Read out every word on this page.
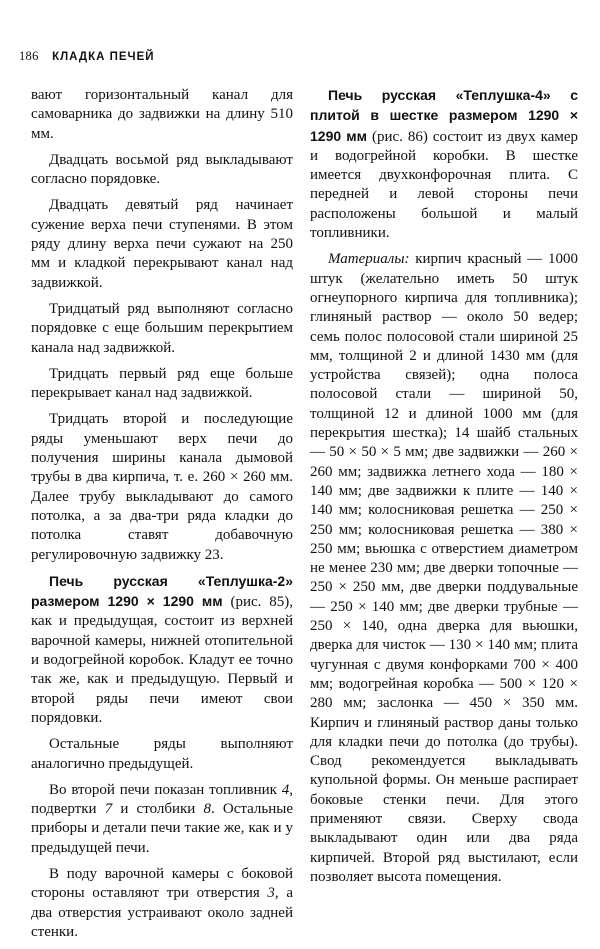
186 КЛАДКА ПЕЧЕЙ

вают горизонтальный канал для самоварника до задвижки на длину 510 мм.

Двадцать восьмой ряд выкладывают согласно порядовке.

Двадцать девятый ряд начинает сужение верха печи ступенями. В этом ряду длину верха печи сужают на 250 мм и кладкой перекрывают канал над задвижкой.

Тридцатый ряд выполняют согласно порядовке с еще большим перекрытием канала над задвижкой.

Тридцать первый ряд еще больше перекрывает канал над задвижкой.

Тридцать второй и последующие ряды уменьшают верх печи до получения ширины канала дымовой трубы в два кирпича, т. е. 260 × 260 мм. Далее трубу выкладывают до самого потолка, а за два-три ряда кладки до потолка ставят добавочную регулировочную задвижку 23.

Печь русская «Теплушка-2» размером 1290 × 1290 мм (рис. 85), как и предыдущая, состоит из верхней варочной камеры, нижней отопительной и водогрейной коробок. Кладут ее точно так же, как и предыдущую. Первый и второй ряды печи имеют свои порядовки.

Остальные ряды выполняют аналогично предыдущей.

Во второй печи показан топливник 4, подвертки 7 и столбики 8. Остальные приборы и детали печи такие же, как и у предыдущей печи.

В поду варочной камеры с боковой стороны оставляют три отверстия 3, а два отверстия устраивают около задней стенки.

Печь русская «Теплушка-4» с плитой в шестке размером 1290 × 1290 мм (рис. 86) состоит из двух камер и водогрейной коробки. В шестке имеется двухконфорочная плита. С передней и левой стороны печи расположены большой и малый топливники.

Материалы: кирпич красный — 1000 штук (желательно иметь 50 штук огнеупорного кирпича для топливника); глиняный раствор — около 50 ведер; семь полос полосовой стали шириной 25 мм, толщиной 2 и длиной 1430 мм (для устройства связей); одна полоса полосовой стали — шириной 50, толщиной 12 и длиной 1000 мм (для перекрытия шестка); 14 шайб стальных — 50 × 50 × 5 мм; две задвижки — 260 × 260 мм; задвижка летнего хода — 180 × 140 мм; две задвижки к плите — 140 × 140 мм; колосниковая решетка — 250 × 250 мм; колосниковая решетка — 380 × 250 мм; вьюшка с отверстием диаметром не менее 230 мм; две дверки топочные — 250 × 250 мм, две дверки поддувальные — 250 × 140 мм; две дверки трубные — 250 × 140, одна дверка для вьюшки, дверка для чисток — 130 × 140 мм; плита чугунная с двумя конфорками 700 × 400 мм; водогрейная коробка — 500 × 120 × 280 мм; заслонка — 450 × 350 мм. Кирпич и глиняный раствор даны только для кладки печи до потолка (до трубы). Свод рекомендуется выкладывать купольной формы. Он меньше распирает боковые стенки печи. Для этого применяют связи. Сверху свода выкладывают один или два ряда кирпичей. Второй ряд выстилают, если позволяет высота помещения.
